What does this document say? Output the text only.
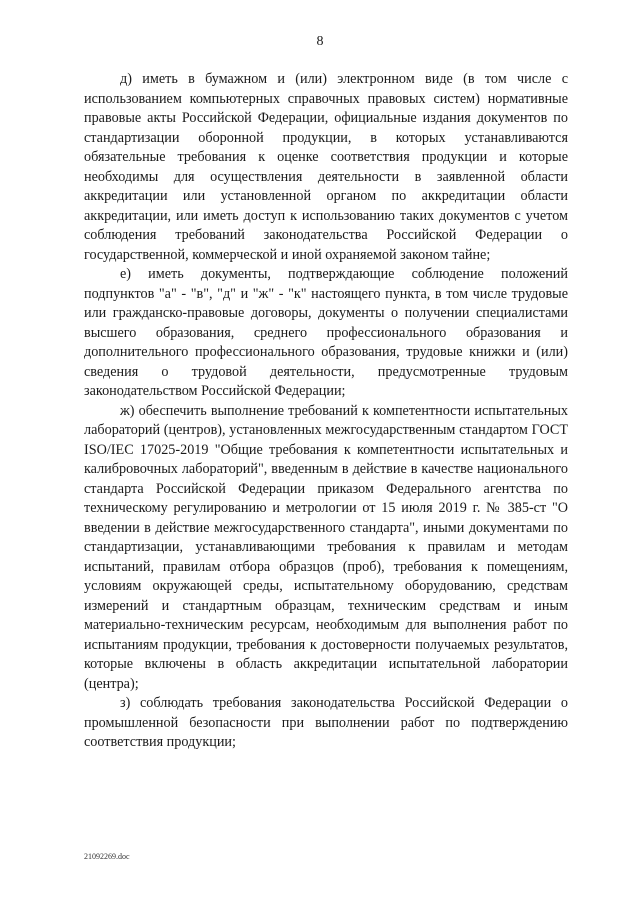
8

д) иметь в бумажном и (или) электронном виде (в том числе с использованием компьютерных справочных правовых систем) нормативные правовые акты Российской Федерации, официальные издания документов по стандартизации оборонной продукции, в которых устанавливаются обязательные требования к оценке соответствия продукции и которые необходимы для осуществления деятельности в заявленной области аккредитации или установленной органом по аккредитации области аккредитации, или иметь доступ к использованию таких документов с учетом соблюдения требований законодательства Российской Федерации о государственной, коммерческой и иной охраняемой законом тайне;

е) иметь документы, подтверждающие соблюдение положений подпунктов "а" - "в", "д" и "ж" - "к" настоящего пункта, в том числе трудовые или гражданско-правовые договоры, документы о получении специалистами высшего образования, среднего профессионального образования и дополнительного профессионального образования, трудовые книжки и (или) сведения о трудовой деятельности, предусмотренные трудовым законодательством Российской Федерации;

ж) обеспечить выполнение требований к компетентности испытательных лабораторий (центров), установленных межгосударственным стандартом ГОСТ ISO/IEC 17025-2019 "Общие требования к компетентности испытательных и калибровочных лабораторий", введенным в действие в качестве национального стандарта Российской Федерации приказом Федерального агентства по техническому регулированию и метрологии от 15 июля 2019 г. № 385-ст "О введении в действие межгосударственного стандарта", иными документами по стандартизации, устанавливающими требования к правилам и методам испытаний, правилам отбора образцов (проб), требования к помещениям, условиям окружающей среды, испытательному оборудованию, средствам измерений и стандартным образцам, техническим средствам и иным материально-техническим ресурсам, необходимым для выполнения работ по испытаниям продукции, требования к достоверности получаемых результатов, которые включены в область аккредитации испытательной лаборатории (центра);

з) соблюдать требования законодательства Российской Федерации о промышленной безопасности при выполнении работ по подтверждению соответствия продукции;

21092269.doc
